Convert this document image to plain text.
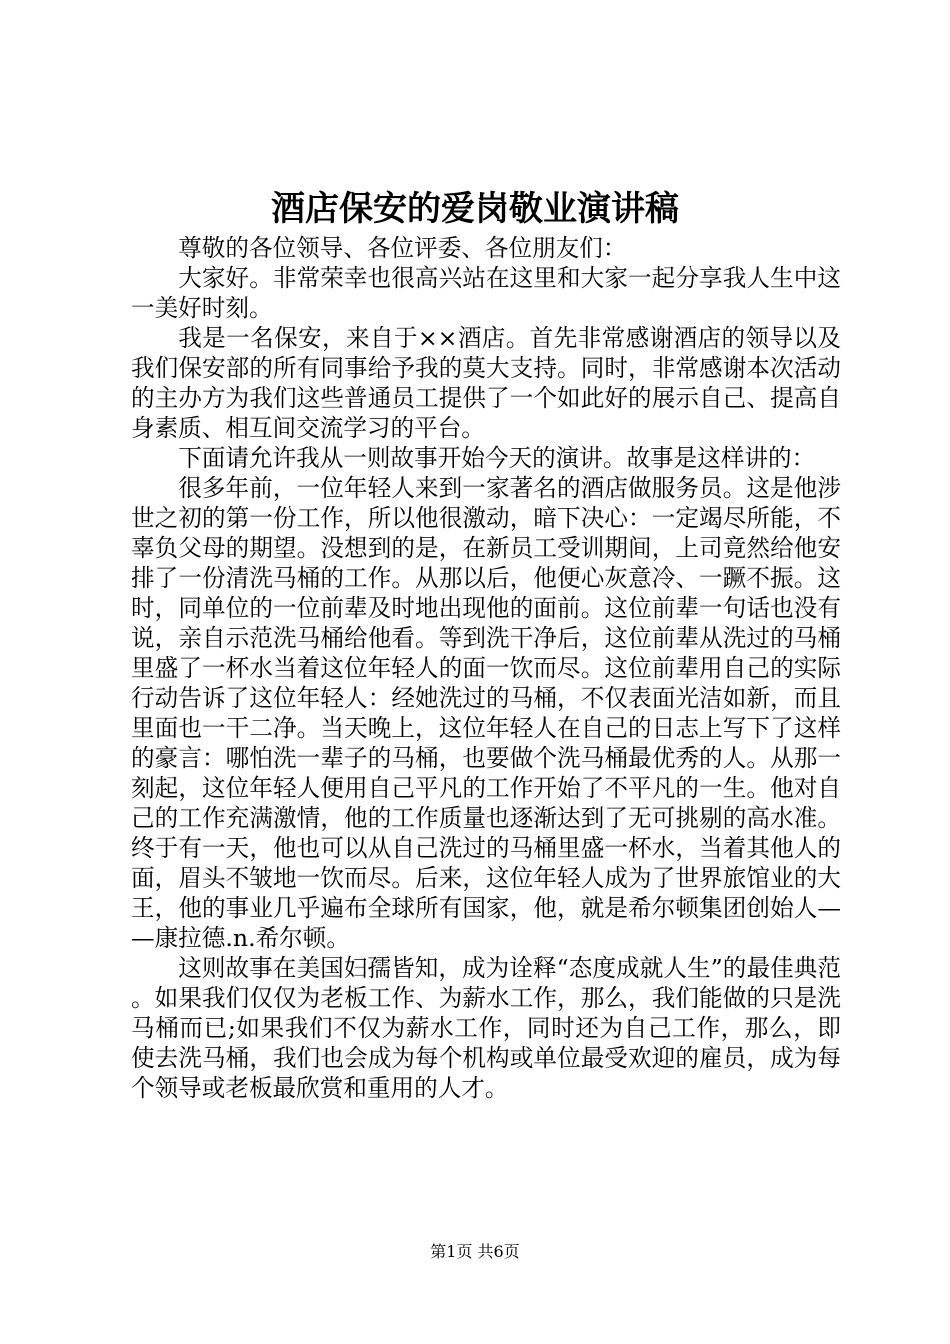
酒店保安的爱岗敬业演讲稿

尊敬的各位领导、各位评委、各位朋友们：

大家好。非常荣幸也很高兴站在这里和大家一起分享我人生中这一美好时刻。

我是一名保安，来自于××酒店。首先非常感谢酒店的领导以及我们保安部的所有同事给予我的莫大支持。同时，非常感谢本次活动的主办方为我们这些普通员工提供了一个如此好的展示自己、提高自身素质、相互间交流学习的平台。

下面请允许我从一则故事开始今天的演讲。故事是这样讲的：

很多年前，一位年轻人来到一家著名的酒店做服务员。这是他涉世之初的第一份工作，所以他很激动，暗下决心：一定竭尽所能，不辜负父母的期望。没想到的是，在新员工受训期间，上司竟然给他安排了一份清洗马桶的工作。从那以后，他便心灰意冷、一蹶不振。这时，同单位的一位前辈及时地出现他的面前。这位前辈一句话也没有说，亲自示范洗马桶给他看。等到洗干净后，这位前辈从洗过的马桶里盛了一杯水当着这位年轻人的面一饮而尽。这位前辈用自己的实际行动告诉了这位年轻人：经她洗过的马桶，不仅表面光洁如新，而且里面也一干二净。当天晚上，这位年轻人在自己的日志上写下了这样的豪言：哪怕洗一辈子的马桶，也要做个洗马桶最优秀的人。从那一刻起，这位年轻人便用自己平凡的工作开始了不平凡的一生。他对自己的工作充满激情，他的工作质量也逐渐达到了无可挑剔的高水准。终于有一天，他也可以从自己洗过的马桶里盛一杯水，当着其他人的面，眉头不皱地一饮而尽。后来，这位年轻人成为了世界旅馆业的大王，他的事业几乎遍布全球所有国家，他，就是希尔顿集团创始人——康拉德.n.希尔顿。

这则故事在美国妇孺皆知，成为诠释“态度成就人生”的最佳典范。如果我们仅仅为老板工作、为薪水工作，那么，我们能做的只是洗马桶而已;如果我们不仅为薪水工作，同时还为自己工作，那么，即使去洗马桶，我们也会成为每个机构或单位最受欢迎的雇员，成为每个领导或老板最欣赏和重用的人才。

第1页 共6页
